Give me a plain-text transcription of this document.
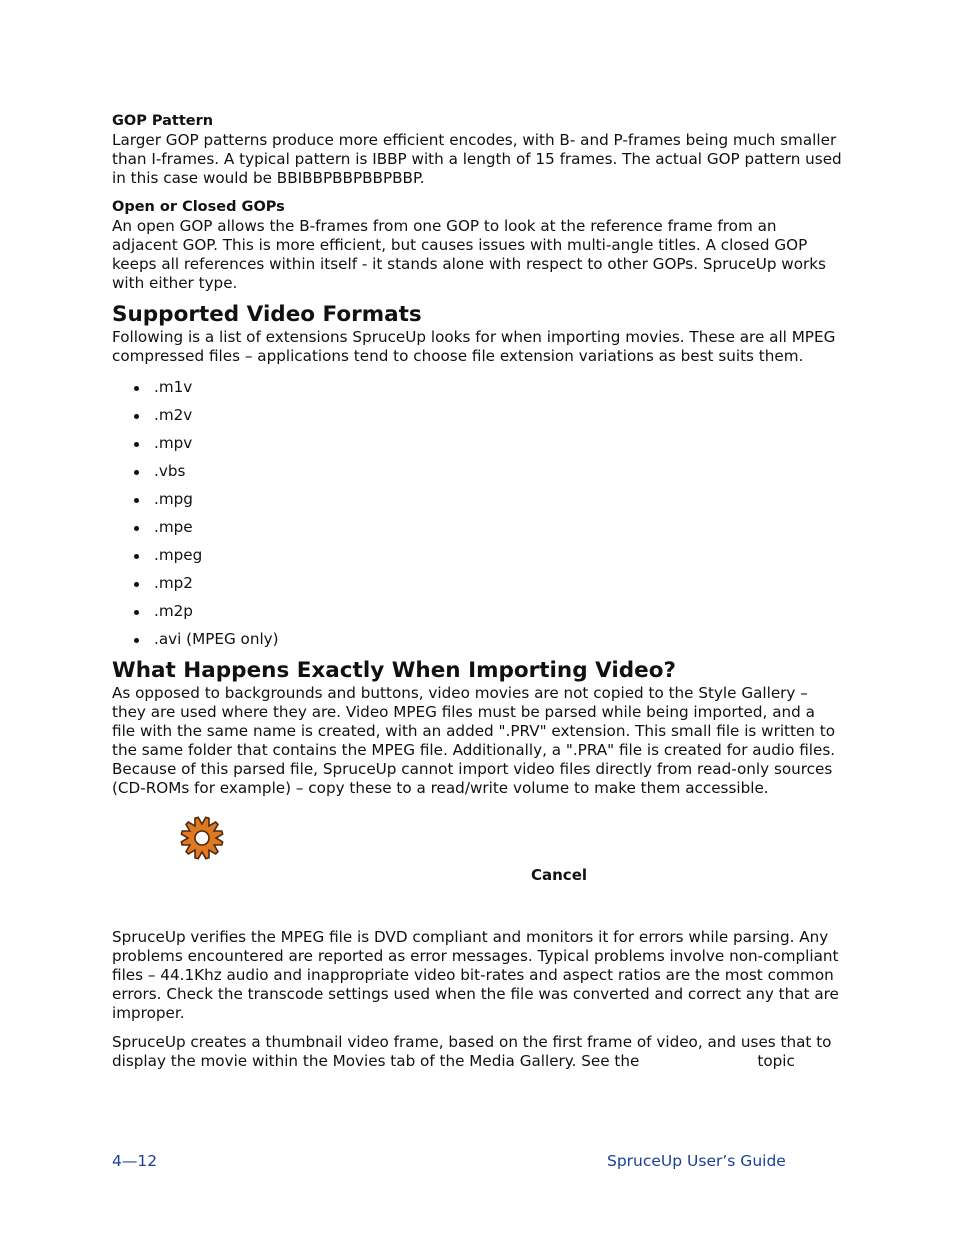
GOP Pattern

Larger GOP patterns produce more efficient encodes, with B- and P-frames being much smaller than I-frames. A typical pattern is IBBP with a length of 15 frames. The actual GOP pattern used in this case would be BBIBBPBBPBBPBBP.

Open or Closed GOPs

An open GOP allows the B-frames from one GOP to look at the reference frame from an adjacent GOP. This is more efficient, but causes issues with multi-angle titles. A closed GOP keeps all references within itself - it stands alone with respect to other GOPs. SpruceUp works with either type.

Supported Video Formats

Following is a list of extensions SpruceUp looks for when importing movies. These are all MPEG compressed files – applications tend to choose file extension variations as best suits them.

.m1v
.m2v
.mpv
.vbs
.mpg
.mpe
.mpeg
.mp2
.m2p
.avi (MPEG only)
What Happens Exactly When Importing Video?

As opposed to backgrounds and buttons, video movies are not copied to the Style Gallery – they are used where they are. Video MPEG files must be parsed while being imported, and a file with the same name is created, with an added ".PRV" extension. This small file is written to the same folder that contains the MPEG file. Additionally, a ".PRA" file is created for audio files. Because of this parsed file, SpruceUp cannot import video files directly from read-only sources (CD-ROMs for example) – copy these to a read/write volume to make them accessible.

Cancel

SpruceUp verifies the MPEG file is DVD compliant and monitors it for errors while parsing. Any problems encountered are reported as error messages. Typical problems involve non-compliant files – 44.1Khz audio and inappropriate video bit-rates and aspect ratios are the most common errors. Check the transcode settings used when the file was converted and correct any that are improper.

SpruceUp creates a thumbnail video frame, based on the first frame of video, and uses that to display the movie within the Movies tab of the Media Gallery. See the	topic

4—12	SpruceUp User’s Guide
